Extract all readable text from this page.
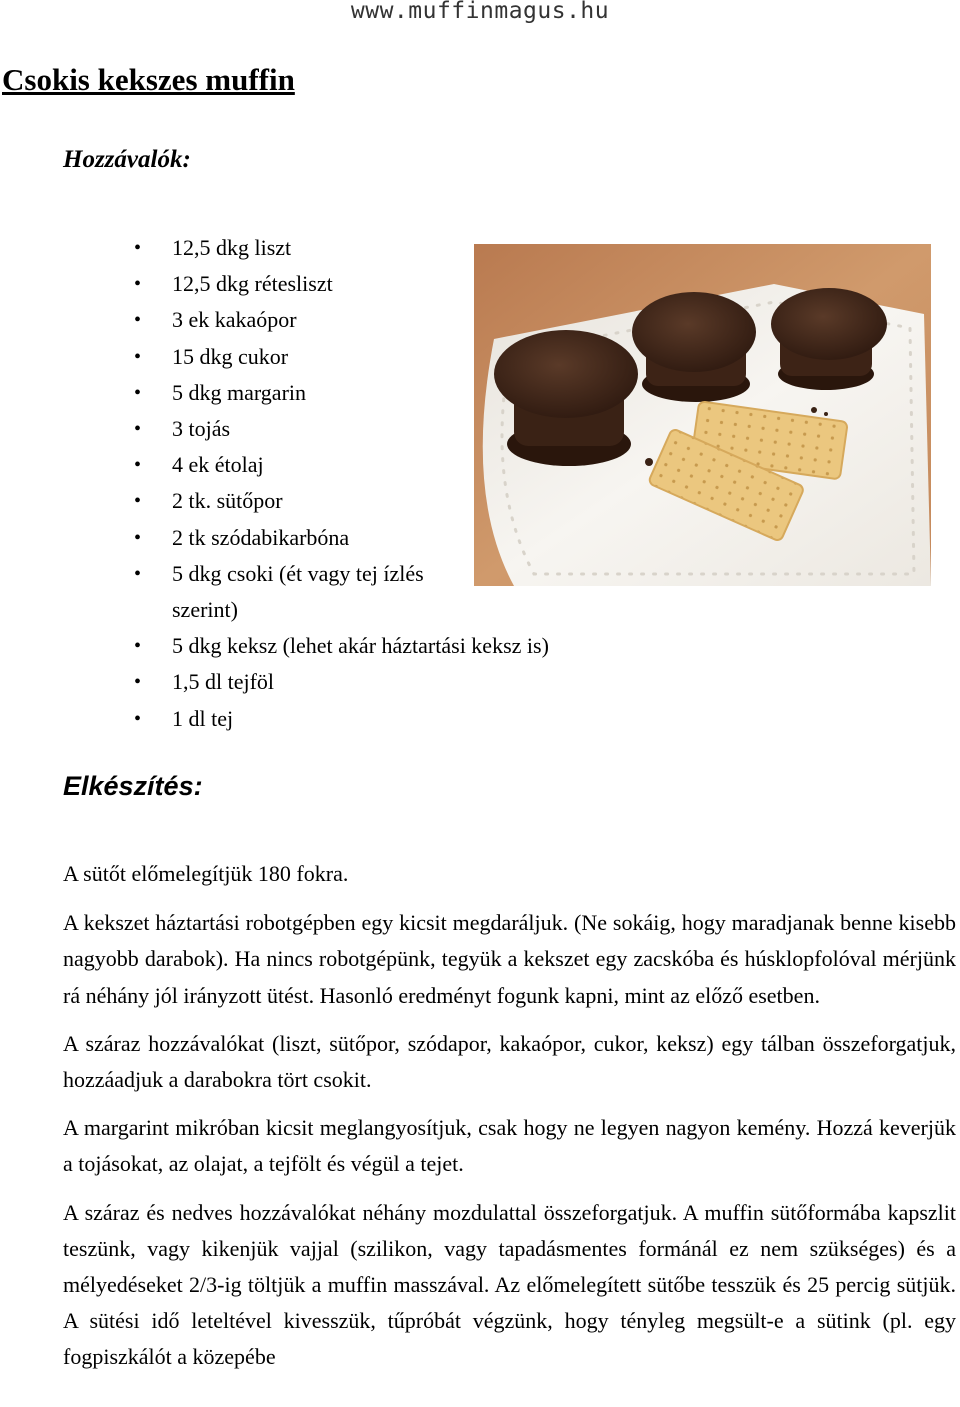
www.muffinmagus.hu
Csokis kekszes muffin
Hozzávalók:
• 12,5 dkg liszt
• 12,5 dkg rétesliszt
• 3 ek kakaópor
• 15 dkg cukor
• 5 dkg margarin
• 3 tojás
• 4 ek étolaj
• 2 tk. sütőpor
• 2 tk szódabikarbóna
• 5 dkg csoki (ét vagy tej ízlés szerint)
• 5 dkg keksz (lehet akár háztartási keksz is)
• 1,5 dl tejföl
• 1 dl tej
Elkészítés:

A sütőt előmelegítjük 180 fokra.

A kekszet háztartási robotgépben egy kicsit megdaráljuk. (Ne sokáig, hogy maradjanak benne kisebb nagyobb darabok). Ha nincs robotgépünk, tegyük a kekszet egy zacskóba és húsklopfolóval mérjünk rá néhány jól irányzott ütést. Hasonló eredményt fogunk kapni, mint az előző esetben.

A száraz hozzávalókat (liszt, sütőpor, szódapor, kakaópor, cukor, keksz) egy tálban összeforgatjuk, hozzáadjuk a darabokra tört csokit.

A margarint mikróban kicsit meglangyosítjuk, csak hogy ne legyen nagyon kemény. Hozzá keverjük a tojásokat, az olajat, a tejfölt és végül a tejet.

A száraz és nedves hozzávalókat néhány mozdulattal összeforgatjuk. A muffin sütőformába kapszlit teszünk, vagy kikenjük vajjal (szilikon, vagy tapadásmentes formánál ez nem szükséges) és a mélyedéseket 2/3-ig töltjük a muffin masszával. Az előmelegített sütőbe tesszük és 25 percig sütjük. A sütési idő leteltével kivesszük, tűpróbát végzünk, hogy tényleg megsült-e a sütink (pl. egy fogpiszkálót a közepébe
